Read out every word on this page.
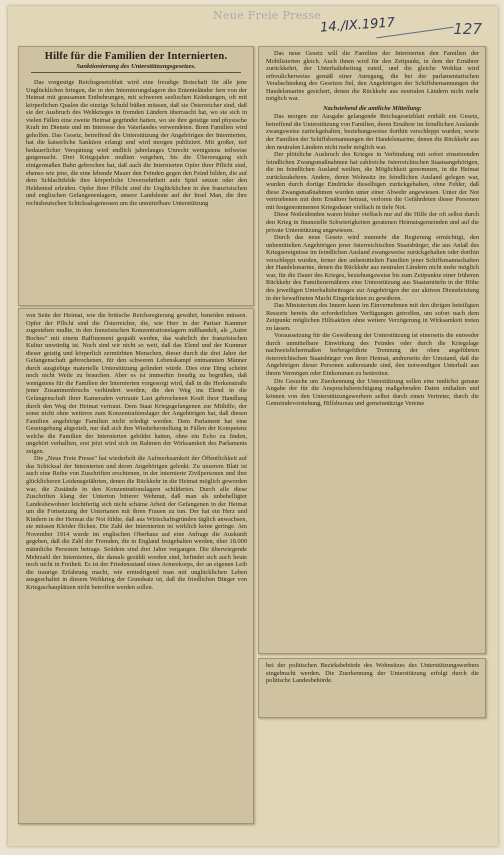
Neue Freie Presse
14./IX.1917	127
Hilfe für die Familien der Internierten.
Sanktionierung des Unterstützungsgesetzes.

Das vorgestige Reichsgesetzblatt wird eine freudige Botschaft für alle jene Unglücklichen bringen, die in den Internierungslagern des Ententeländer fern von der Heimat mit grausamen Entbehrungen, mit schweren seelischen Kränkungen, oft mit körperlichen Qualen die einzige Schuld büßen müssen, daß sie Österreicher sind, daß sie der Ausbruch des Weltkrieges in fremden Ländern überrascht hat, wo sie sich in vielen Fällen eine zweite Heimat gegründet hatten, wo sie ihre geistige und physische Kraft im Dienste und im Interesse des Vaterlandes verwendeten. Ihren Familien wird geholfen. Das Gesetz, betreffend die Unterstützung der Angehörigen der Internierten, hat die kaiserliche Sanktion erlangt und wird morgen publiziert. Mit großer, tief bedauerlicher Verspätung wird endlich jahrelanges Unrecht wenigstens teilweise gutgemacht. Drei Kriegsjahre mußten vergehen, bis die Überzeugung sich einigermaßen Bahn gebrochen hat, daß auch die Internierten Opfer ihrer Pflicht sind, ebenso wie jene, die eine lebende Mauer den Feinden gegen den Feind bilden, die auf dem Schlachtfelde ihre körperliche Unversehrtheit aufs Spiel setzen oder den Heldentod erleiden. Opfer ihrer Pflicht sind die Unglücklichen in den französischen und englischen Gefangenenlagern, unsere Landsleute auf der Insel Man, die ihre rechtsbeutschen Schicksalsgenossen um die unmittelbare Unterstützung

von Seite der Heimat, wie die britische Reichsregierung gewährt, beneiden müssen. Opfer der Pflicht sind die Österreicher, die, wie Herr in der Pariser Kammer zugestehen mußte, in den französischen Konzentrationslagern mißhandelt, als „Autre Boches" mit einem Raffinement gequält werden, das wahrlich der französischen Kultur unwürdig ist. Noch sind wir nicht so weit, daß das Elend und der Kummer dieser geistig und körperlich zermürbten Menschen, dieser durch die drei Jahre der Gefangenschaft gebrochenen, für den schweren Lebenskampf entmannten Männer durch ausgiebige materielle Unterstützung gelindert würde. Dies eine Ding scheint noch nicht Weile zu brauchen. Aber es ist immerhin freudig zu begrüßen, daß wenigstens für die Familien der Internierten vorgesorgt wird, daß in die Herkenstraße jener Zusammenbruchs verhindert werden, die den Weg ins Elend in die Gefangenschaft ihrer Kameraden vertraute Last gebrochenen Kraft ihrer Handlung durch den Weg der Heimat vertraut. Dem Staat Kriegsgefangenen zur Mithilfe, der sonst nicht ohne weiteres zum Konzentrationslager der Angehörigen hat, daß diesen Familien angehörige Familien nicht erledigt werden. Dem Parlament hat eine Gesetzgebung abgezielt, nur daß sich ihre Wiederherstellung in Fällen der Kompetenz welche die Familien der Internierten gebildet hatten, ohne ein Echo zu finden, ungehört verhallten, erst jetzt wird sich im Rahmen der Wirksamkeit des Parlaments zeigen.

Die „Neue Freie Presse" hat wiederholt die Aufmerksamkeit der Öffentlichkeit auf das Schicksal der Internierten und deren Angehörigen gelenkt. Zu unserem Blatt ist auch eine Reihe von Zuschriften erschienen, in der internierte Zivilpersonen und ihre glücklicheren Leidensgefährten, denen die Rückkehr in die Heimat möglich geworden war, die Zustände in den Konzentrationslagern schilderten. Durch alle diese Zuschriften klang der Unterton bitterer Wehmut, daß man als unbehelligter Landesbewohner leichtfertig sich nicht schäme Arbeit der Gefangenen in der Heimat um die Fortsetzung der Untertanen mit ihren Frauen zu tun. Der hat ein Herz und Kindern in der Heimat die Not fühlte, daß aus Wirtschaftsgründen täglich anwachsen, sie müssen Kleider flicken. Die Zahl der Internierten ist wirklich keine geringe. Am November 1914 wurde im englischen Oberhaus auf eine Anfrage die Auskunft gegeben, daß die Zahl der Fremden, die in England festgehalten werden, über 18.000 männliche Personen betrage. Seitdem sind drei Jahre vergangen. Die überwiegende Mehrzahl der Internierten, die damals gezählt worden sind, befindet sich auch heute noch nicht in Freiheit. Es ist der Friedensstand eines Armeekorps, der an eigenen Leib die traurige Erfahrung macht, wie erniedrigend man mit unglücklichen Leben ausgeschaltet in diesem Weltkrieg der Grundsatz ist, daß die friedlichen Bürger von Kriegsschauplätzen nicht betroffen werden sollen.

Das neue Gesetz will die Familien der Internierten den Familien der Mobilisierten gleich. Auch ihnen wird für den Zeitpunkt, in dem der Ernährer zurückkehrt, der Unterhaltsbeitrag zuteil, und die gleiche Wohltat wird erfreulicherweise gemäß einer Anregung, die bei der parlamentarischen Verabschiedung des Gesetzes fiel, den Angehörigen der Schiffsbemannungen der Handelsmarine gesichert, denen die Rückkehr aus neutralen Ländern nicht mehr möglich war.

Nachstehend die amtliche Mitteilung:

Das morgen zur Ausgabe gelangende Reichsgesetzblatt enthält ein Gesetz, betreffend die Unterstützung von Familien, deren Ernährer im feindlichen Auslande zwangsweise zurückgehalten, beziehungsweise dorthin verschleppt wurden, sowie der Familien der Schiffsbemannungen der Handelsmarine, denen die Rückkehr aus den neutralen Ländern nicht mehr möglich war.

Der plötzliche Ausbruch des Krieges in Verbindung mit sofort einsetzenden feindlichen Zwangsmaßnahmen hat zahlreiche österreichischen Staatsangehörigen, die im feindlichen Ausland weilten, die Möglichkeit genommen, in die Heimat zurückzukehren. Andere, deren Wohnsitz im feindlichen Ausland gelegen war, wurden durch dortige Eindrücke dieselbigen zurückgehalten, ohne Fehler, daß diese Zwangsmaßnahmen wurden unter einer Abwehr angewiesen. Unter der Not vertriebenen mit dem Ernährer betraut, verloren die Gefährdeten dieser Personen mit festgenommenen Kriegsdauer vielfach in tiefe Not.

Diese Notleidenden waren bisher vielfach nur auf die Hilfe der oft selbst durch den Krieg in finanzielle Schwierigkeiten geratenen Heimatsgemeinden und auf die private Unterstützung angewiesen.

Durch das neue Gesetz wird nunmehr die Regierung ermächtigt, den unbemittelten Angehörigen jener österreichischen Staatsbürger, die aus Anlaß des Kriegsereignisse im feindlichen Ausland zwangsweise zurückgehalten oder dorthin verschleppt wurden, ferner den unbemittelten Familien jener Schiffsmannschaften der Handelsmarine, denen die Rückkehr aus neutralen Ländern nicht mehr möglich war, für die Dauer des Krieges, beziehungsweise bis zum Zeitpunkte einer früheren Rückkehr des Familienernährers eine Unterstützung aus Staatsmitteln in der Höhe des jeweiligen Unterhaltsbeitrages zur Angehörigen der zur aktiven Dienstleistung in der bewaffneten Macht Eingerückten zu gewähren.

Das Ministerium des Innern kann im Einvernehmen mit den übrigen beteiligten Ressorts bereits die erforderlichen Verfügungen getroffen, um sofort nach dem Zeitpunkt möglichen Hilfsaktion ohne weitere Verzögerung in Wirksamkeit treten zu lassen.

Voraussetzung für die Gewährung der Unterstützung ist einerseits die entweder durch unmittelbare Einwirkung des Feindes oder durch die Kriegslage nachweislichermaßen herbeigeführte Trennung der oben angeführten österreichischen Staatsbürger von ihrer Heimat, andrerseits der Umstand, daß die Angehörigen dieser Personen außerstande sind, den notwendigen Unterhalt aus ihrem Vermögen oder Einkommen zu bestreiten.

Die Gesuche um Zuerkennung der Unterstützung sollen eine tunlichst genaue Angabe der für die Anspruchsberechtigung maßgebenden Daten enthalten und können von den Unterstützungswerbern selbst durch einen Vertreter, durch die Gemeindevorstehung, Hilfsbureau und gemeinnützige Vereine

bei der politischen Bezirksbehörde des Wohnsitzes des Unterstützungswerbers eingebracht werden. Die Zuerkennung der Unterstützung erfolgt durch die politische Landesbehörde.
